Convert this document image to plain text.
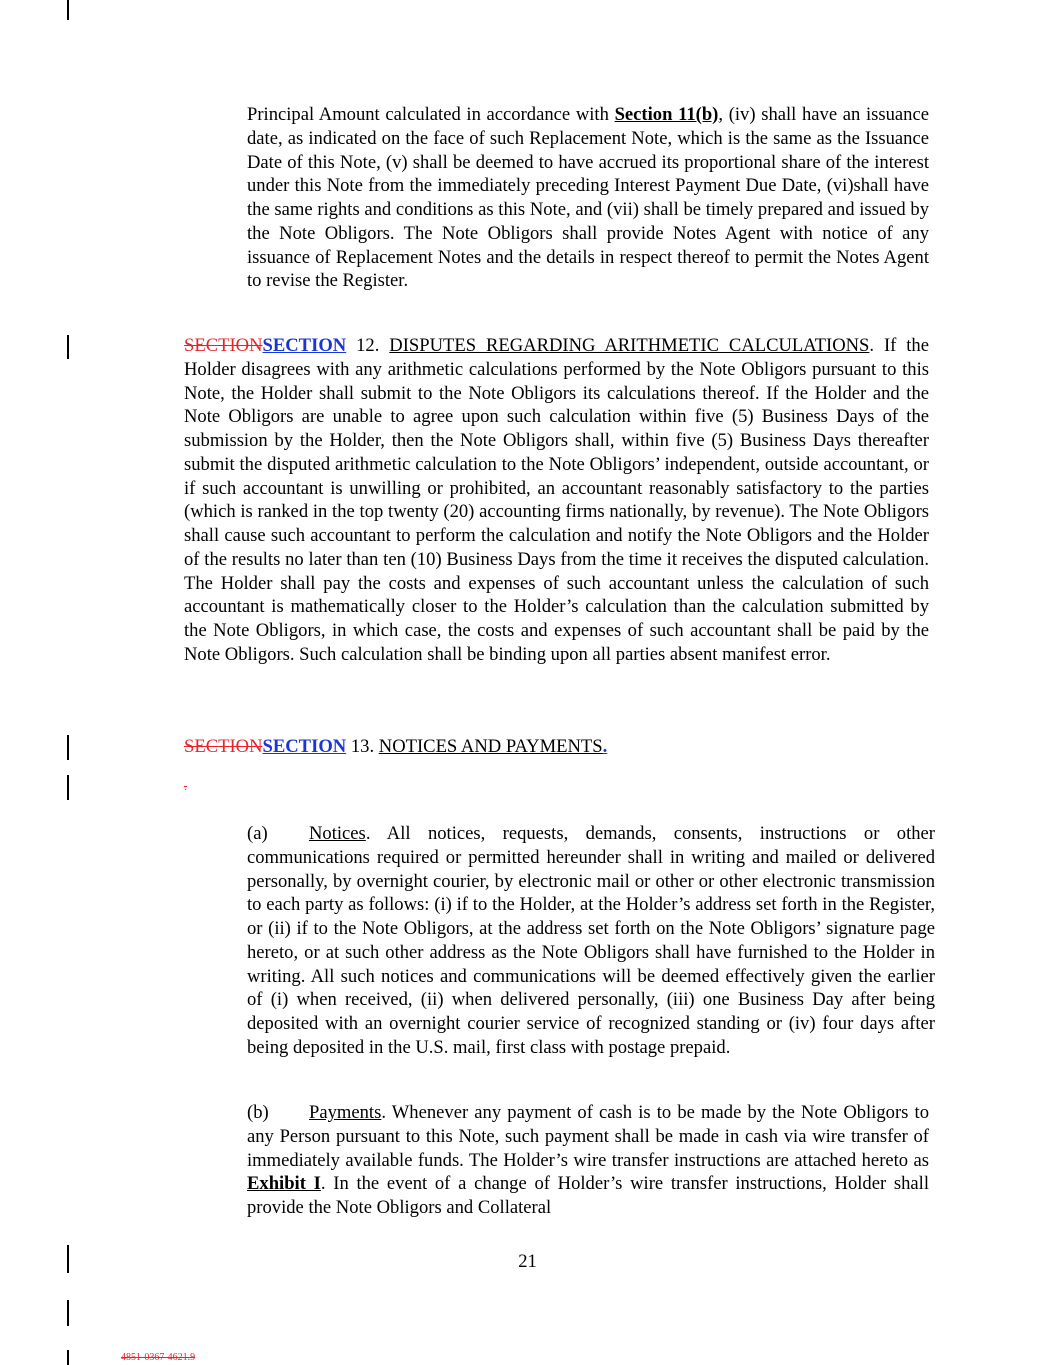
Principal Amount calculated in accordance with Section 11(b), (iv) shall have an issuance date, as indicated on the face of such Replacement Note, which is the same as the Issuance Date of this Note, (v) shall be deemed to have accrued its proportional share of the interest under this Note from the immediately preceding Interest Payment Due Date, (vi)shall have the same rights and conditions as this Note, and (vii) shall be timely prepared and issued by the Note Obligors. The Note Obligors shall provide Notes Agent with notice of any issuance of Replacement Notes and the details in respect thereof to permit the Notes Agent to revise the Register.
SECTIONSECTION 12. DISPUTES REGARDING ARITHMETIC CALCULATIONS. If the Holder disagrees with any arithmetic calculations performed by the Note Obligors pursuant to this Note, the Holder shall submit to the Note Obligors its calculations thereof. If the Holder and the Note Obligors are unable to agree upon such calculation within five (5) Business Days of the submission by the Holder, then the Note Obligors shall, within five (5) Business Days thereafter submit the disputed arithmetic calculation to the Note Obligors’ independent, outside accountant, or if such accountant is unwilling or prohibited, an accountant reasonably satisfactory to the parties (which is ranked in the top twenty (20) accounting firms nationally, by revenue). The Note Obligors shall cause such accountant to perform the calculation and notify the Note Obligors and the Holder of the results no later than ten (10) Business Days from the time it receives the disputed calculation. The Holder shall pay the costs and expenses of such accountant unless the calculation of such accountant is mathematically closer to the Holder’s calculation than the calculation submitted by the Note Obligors, in which case, the costs and expenses of such accountant shall be paid by the Note Obligors. Such calculation shall be binding upon all parties absent manifest error.
SECTIONSECTION 13. NOTICES AND PAYMENTS.
.
(a) Notices. All notices, requests, demands, consents, instructions or other communications required or permitted hereunder shall in writing and mailed or delivered personally, by overnight courier, by electronic mail or other or other electronic transmission to each party as follows: (i) if to the Holder, at the Holder’s address set forth in the Register, or (ii) if to the Note Obligors, at the address set forth on the Note Obligors’ signature page hereto, or at such other address as the Note Obligors shall have furnished to the Holder in writing. All such notices and communications will be deemed effectively given the earlier of (i) when received, (ii) when delivered personally, (iii) one Business Day after being deposited with an overnight courier service of recognized standing or (iv) four days after being deposited in the U.S. mail, first class with postage prepaid.
(b) Payments. Whenever any payment of cash is to be made by the Note Obligors to any Person pursuant to this Note, such payment shall be made in cash via wire transfer of immediately available funds. The Holder’s wire transfer instructions are attached hereto as Exhibit I. In the event of a change of Holder’s wire transfer instructions, Holder shall provide the Note Obligors and Collateral
21
4851-0367-4621.9
